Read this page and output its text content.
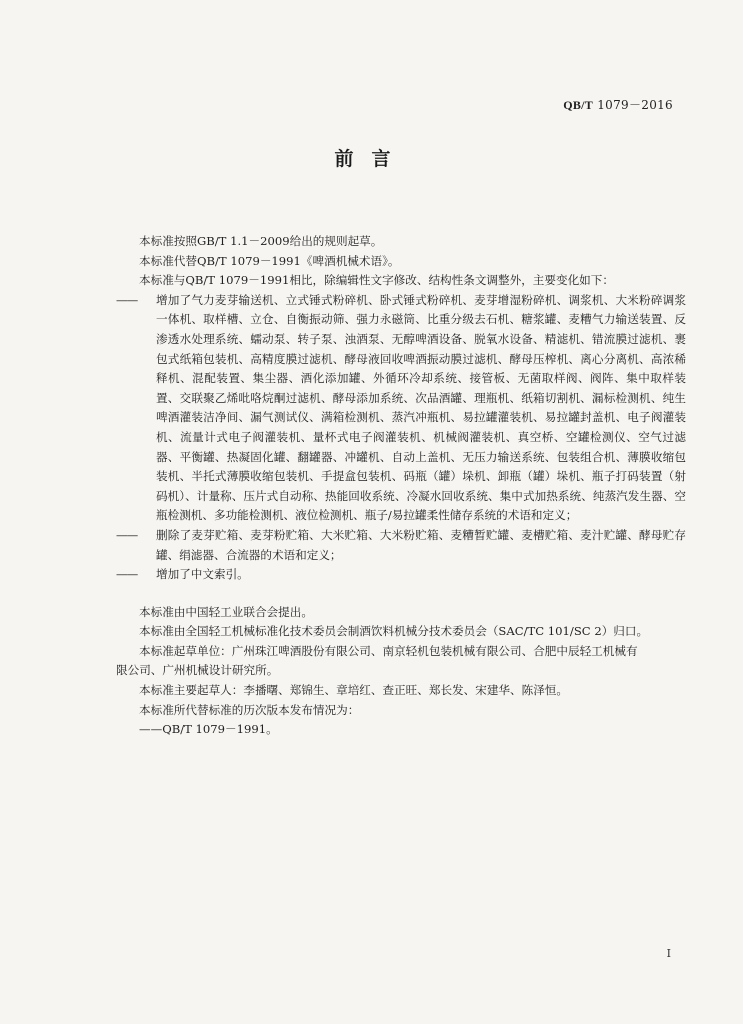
QB/T 1079－2016
前言

本标准按照GB/T 1.1－2009给出的规则起草。

本标准代替QB/T 1079－1991《啤酒机械术语》。

本标准与QB/T 1079－1991相比，除编辑性文字修改、结构性条文调整外，主要变化如下：

——	增加了气力麦芽输送机、立式锤式粉碎机、卧式锤式粉碎机、麦芽增湿粉碎机、调浆机、大米粉碎调浆一体机、取样槽、立仓、自衡振动筛、强力永磁筒、比重分级去石机、糖浆罐、麦糟气力输送装置、反渗透水处理系统、蠕动泵、转子泵、浊酒泵、无醇啤酒设备、脱氧水设备、精滤机、错流膜过滤机、裹包式纸箱包装机、高精度膜过滤机、酵母液回收啤酒振动膜过滤机、酵母压榨机、离心分离机、高浓稀释机、混配装置、集尘器、酒化添加罐、外循环冷却系统、接管板、无菌取样阀、阀阵、集中取样装置、交联聚乙烯吡咯烷酮过滤机、酵母添加系统、次品酒罐、理瓶机、纸箱切割机、漏标检测机、纯生啤酒灌装洁净间、漏气测试仪、满箱检测机、蒸汽冲瓶机、易拉罐灌装机、易拉罐封盖机、电子阀灌装机、流量计式电子阀灌装机、量杯式电子阀灌装机、机械阀灌装机、真空桥、空罐检测仪、空气过滤器、平衡罐、热凝固化罐、翻罐器、冲罐机、自动上盖机、无压力输送系统、包装组合机、薄膜收缩包装机、半托式薄膜收缩包装机、手提盒包装机、码瓶（罐）垛机、卸瓶（罐）垛机、瓶子打码装置（射码机）、计量称、压片式自动称、热能回收系统、冷凝水回收系统、集中式加热系统、纯蒸汽发生器、空瓶检测机、多功能检测机、液位检测机、瓶子/易拉罐柔性储存系统的术语和定义；
——	删除了麦芽贮箱、麦芽粉贮箱、大米贮箱、大米粉贮箱、麦糟暂贮罐、麦槽贮箱、麦汁贮罐、酵母贮存罐、绢滤器、合流器的术语和定义；
——	增加了中文索引。

本标准由中国轻工业联合会提出。

本标准由全国轻工机械标准化技术委员会制酒饮料机械分技术委员会（SAC/TC 101/SC 2）归口。

本标准起草单位：广州珠江啤酒股份有限公司、南京轻机包装机械有限公司、合肥中辰轻工机械有

限公司、广州机械设计研究所。

本标准主要起草人：李播曙、郑锦生、章培红、查正旺、郑长发、宋建华、陈泽恒。

本标准所代替标准的历次版本发布情况为：

——QB/T 1079－1991。

I
